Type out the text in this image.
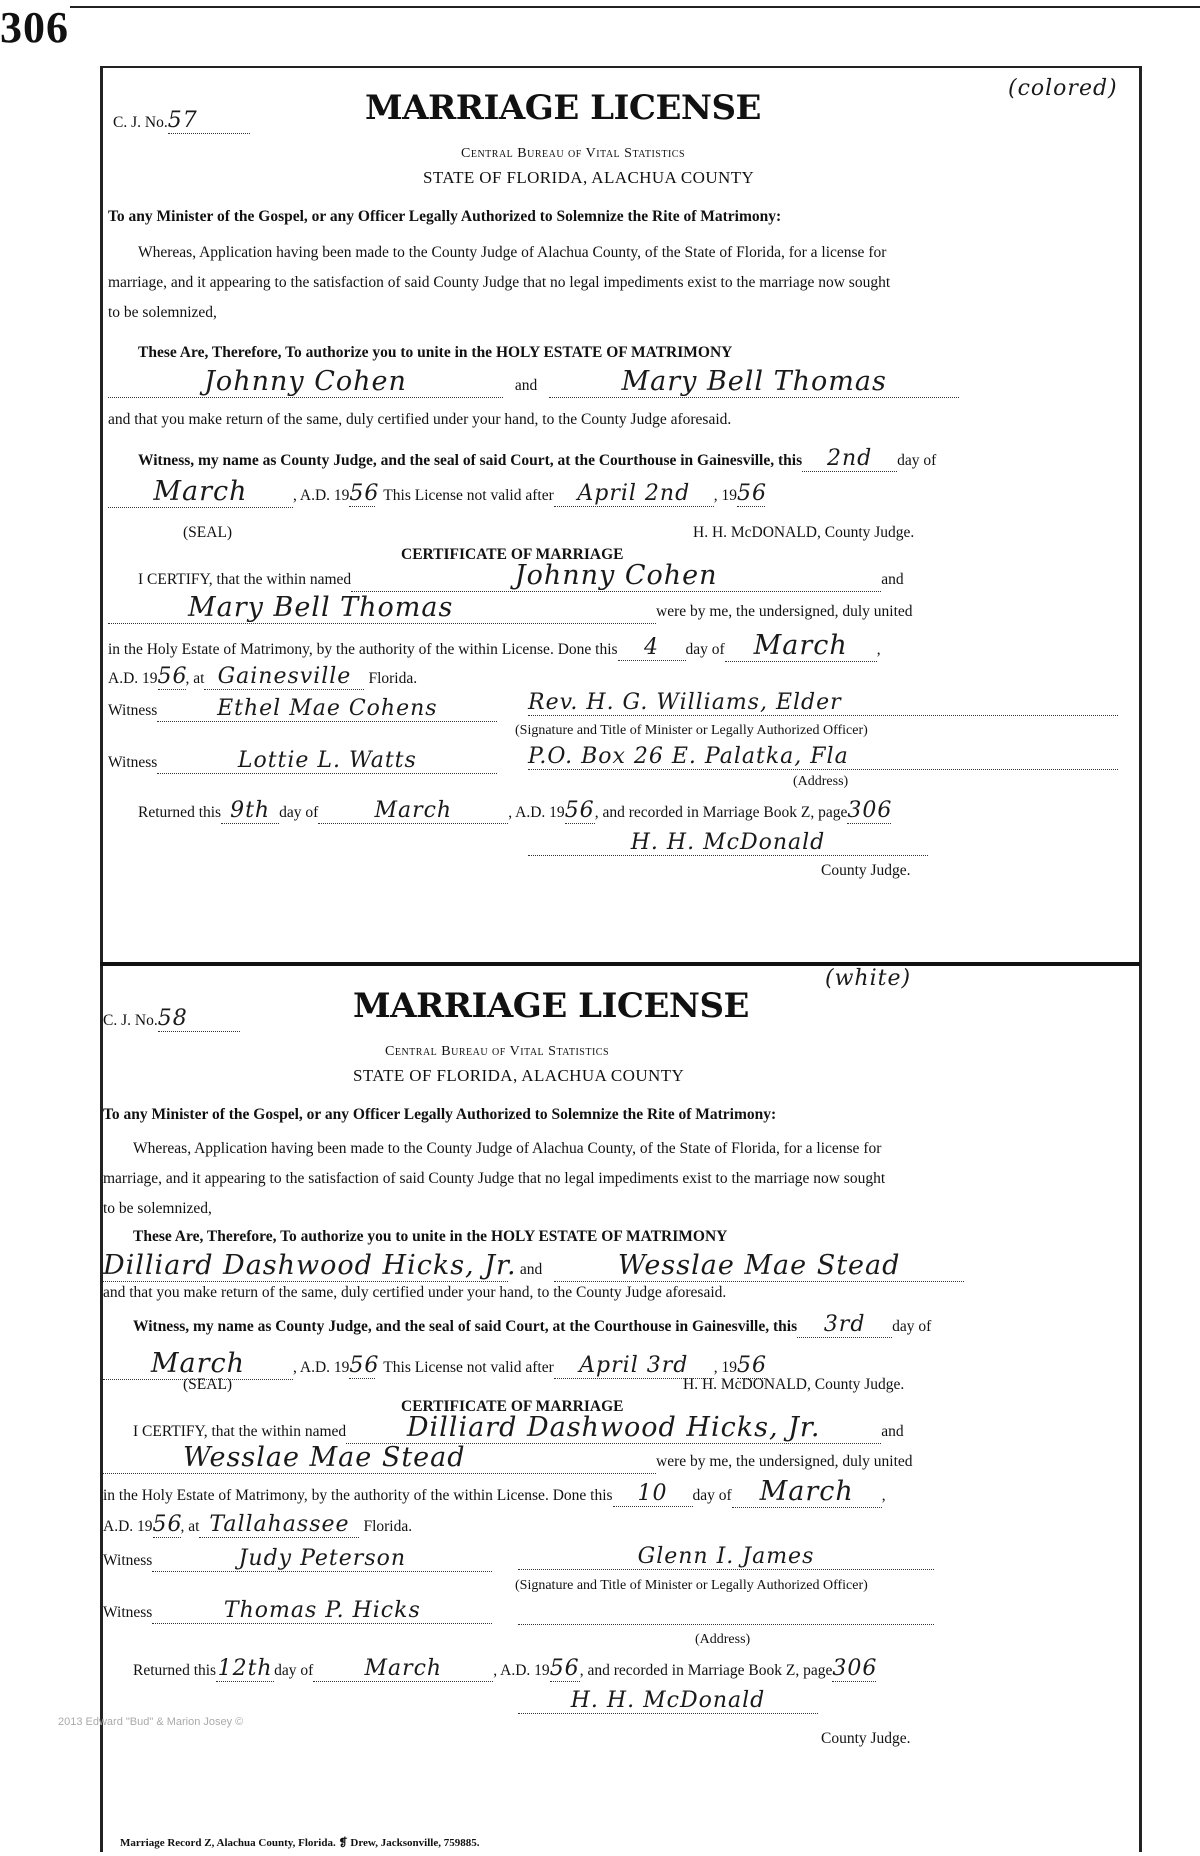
306
(colored)
C. J. No.57	MARRIAGE LICENSE
Central Bureau of Vital Statistics
STATE OF FLORIDA, ALACHUA COUNTY
To any Minister of the Gospel, or any Officer Legally Authorized to Solemnize the Rite of Matrimony:
Whereas, Application having been made to the County Judge of Alachua County, of the State of Florida, for a license for
marriage, and it appearing to the satisfaction of said County Judge that no legal impediments exist to the marriage now sought
to be solemnized,
These Are, Therefore, To authorize you to unite in the HOLY ESTATE OF MATRIMONY
Johnny Cohen	and	Mary Bell Thomas
and that you make return of the same, duly certified under your hand, to the County Judge aforesaid.
Witness, my name as County Judge, and the seal of said Court, at the Courthouse in Gainesville, this 2nd day of
March	, A.D. 1956 This License not valid after April 2nd , 1956
(SEAL)	H. H. McDONALD, County Judge.
CERTIFICATE OF MARRIAGE
I CERTIFY, that the within named	Johnny Cohen	and
Mary Bell Thomas	were by me, the undersigned, duly united
in the Holy Estate of Matrimony, by the authority of the within License. Done this 4 day of March ,
A.D. 1956, at Gainesville Florida.
Witness	Ethel Mae Cohens	Rev. H. G. Williams, Elder
(Signature and Title of Minister or Legally Authorized Officer)
Witness	Lottie L. Watts	P.O. Box 26 E. Palatka, Fla
(Address)
Returned this 9th day of	March	, A.D. 1956, and recorded in Marriage Book Z, page306
H. H. McDonald
County Judge.
(white)
C. J. No.58	MARRIAGE LICENSE
Central Bureau of Vital Statistics
STATE OF FLORIDA, ALACHUA COUNTY
To any Minister of the Gospel, or any Officer Legally Authorized to Solemnize the Rite of Matrimony:
Whereas, Application having been made to the County Judge of Alachua County, of the State of Florida, for a license for
marriage, and it appearing to the satisfaction of said County Judge that no legal impediments exist to the marriage now sought
to be solemnized,
These Are, Therefore, To authorize you to unite in the HOLY ESTATE OF MATRIMONY
Dilliard Dashwood Hicks, Jr. and	Wesslae Mae Stead
and that you make return of the same, duly certified under your hand, to the County Judge aforesaid.
Witness, my name as County Judge, and the seal of said Court, at the Courthouse in Gainesville, this 3rd day of
March	, A.D. 1956 This License not valid after April 3rd , 1956
(SEAL)	H. H. McDONALD, County Judge.
CERTIFICATE OF MARRIAGE
I CERTIFY, that the within named Dilliard Dashwood Hicks, Jr.	and
Wesslae Mae Stead	were by me, the undersigned, duly united
in the Holy Estate of Matrimony, by the authority of the within License. Done this 10 day of March ,
A.D. 1956, at Tallahassee Florida.
Witness	Judy Peterson	Glenn I. James
(Signature and Title of Minister or Legally Authorized Officer)
Witness	Thomas P. Hicks
(Address)
Returned this12thday of March	, A.D. 1956, and recorded in Marriage Book Z, page306
H. H. McDonald
County Judge.
2013 Edward "Bud" & Marion Josey ©
Marriage Record Z, Alachua County, Florida. ❡ Drew, Jacksonville, 759885.
